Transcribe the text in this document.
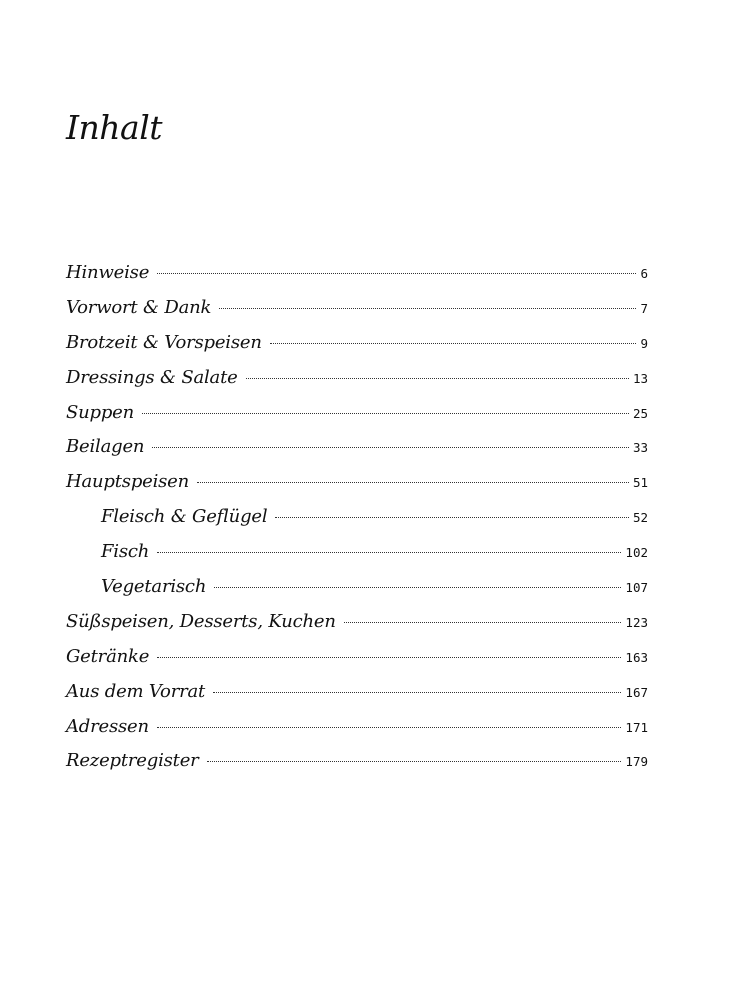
Inhalt
Hinweise	6
Vorwort & Dank	7
Brotzeit & Vorspeisen	9
Dressings & Salate	13
Suppen	25
Beilagen	33
Hauptspeisen	51
Fleisch & Geflügel	52
Fisch	102
Vegetarisch	107
Süßspeisen, Desserts, Kuchen	123
Getränke	163
Aus dem Vorrat	167
Adressen	171
Rezeptregister	179
